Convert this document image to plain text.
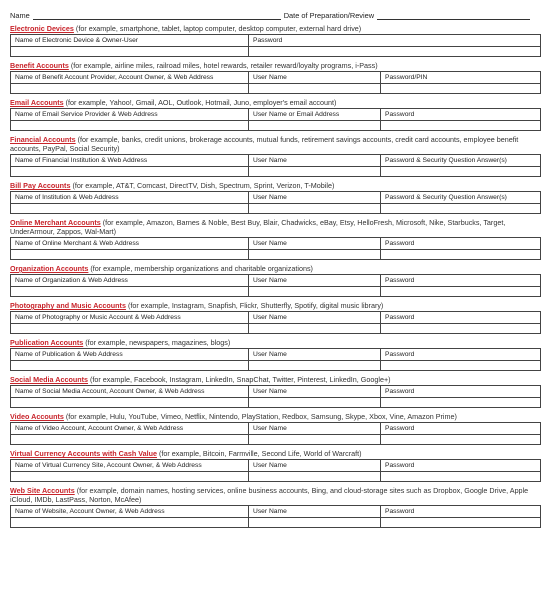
Name	Date of Preparation/Review
Electronic Devices (for example, smartphone, tablet, laptop computer, desktop computer, external hard drive)
Name of Electronic Device & Owner-User	Password

Benefit Accounts (for example, airline miles, railroad miles, hotel rewards, retailer reward/loyalty programs, i-Pass)
Name of Benefit Account Provider, Account Owner, & Web Address	User Name	Password/PIN

Email Accounts (for example, Yahoo!, Gmail, AOL, Outlook, Hotmail, Juno, employer's email account)
Name of Email Service Provider & Web Address	User Name or Email Address	Password

Financial Accounts (for example, banks, credit unions, brokerage accounts, mutual funds, retirement savings accounts, credit card accounts, employee benefit accounts, PayPal, Social Security)
Name of Financial Institution & Web Address	User Name	Password & Security Question Answer(s)

Bill Pay Accounts (for example, AT&T, Comcast, DirectTV, Dish, Spectrum, Sprint, Verizon, T-Mobile)
Name of Institution & Web Address	User Name	Password & Security Question Answer(s)

Online Merchant Accounts (for example, Amazon, Barnes & Noble, Best Buy, Blair, Chadwicks, eBay, Etsy, HelloFresh, Microsoft, Nike, Starbucks, Target, UnderArmour, Zappos, Wal-Mart)
Name of Online Merchant & Web Address	User Name	Password

Organization Accounts (for example, membership organizations and charitable organizations)
Name of Organization & Web Address	User Name	Password

Photography and Music Accounts (for example, Instagram, Snapfish, Flickr, Shutterfly, Spotify, digital music library)
Name of Photography or Music Account & Web Address	User Name	Password

Publication Accounts (for example, newspapers, magazines, blogs)
Name of Publication & Web Address	User Name	Password

Social Media Accounts (for example, Facebook, Instagram, LinkedIn, SnapChat, Twitter, Pinterest, LinkedIn, Google+)
Name of Social Media Account, Account Owner, & Web Address	User Name	Password

Video Accounts (for example, Hulu, YouTube, Vimeo, Netflix, Nintendo, PlayStation, Redbox, Samsung, Skype, Xbox, Vine, Amazon Prime)
Name of Video Account, Account Owner, & Web Address	User Name	Password

Virtual Currency Accounts with Cash Value (for example, Bitcoin, Farmville, Second Life, World of Warcraft)
Name of Virtual Currency Site, Account Owner, & Web Address	User Name	Password

Web Site Accounts (for example, domain names, hosting services, online business accounts, Bing, and cloud-storage sites such as Dropbox, Google Drive, Apple iCloud, IMDb, LastPass, Norton, McAfee)
Name of Website, Account Owner, & Web Address	User Name	Password
